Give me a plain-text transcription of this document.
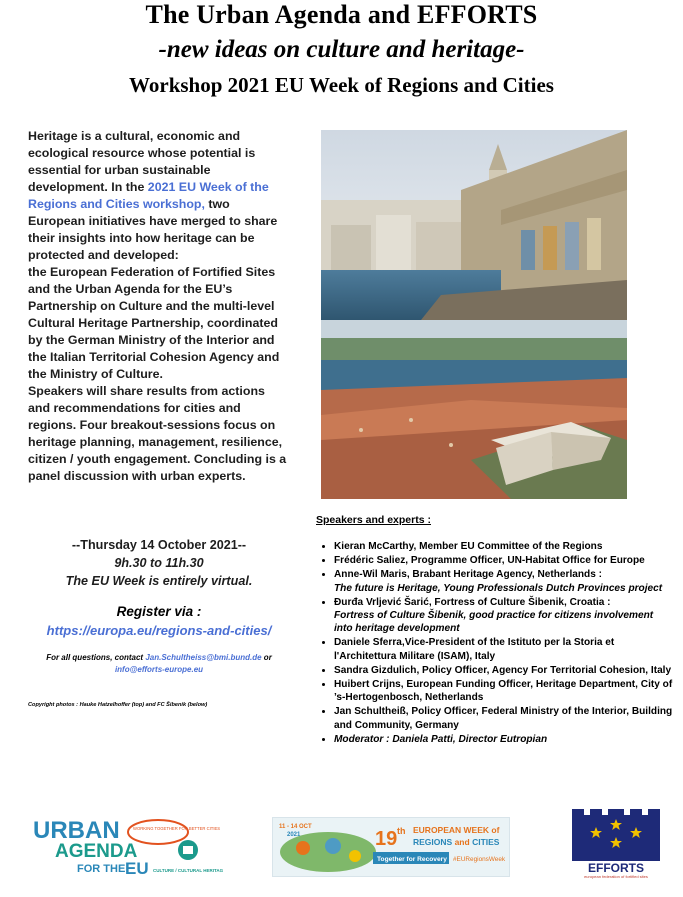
The Urban Agenda and EFFORTS
-new ideas on culture and heritage-
Workshop 2021 EU Week of Regions and Cities
Heritage is a cultural, economic and ecological resource whose potential is essential for urban sustainable development. In the 2021 EU Week of the Regions and Cities workshop, two European initiatives have merged to share their insights into how heritage can be protected and developed:
the European Federation of Fortified Sites and the Urban Agenda for the EU’s Partnership on Culture and the multi-level Cultural Heritage Partnership, coordinated by the German Ministry of the Interior and the Italian Territorial Cohesion Agency and the Ministry of Culture.
Speakers will share results from actions and recommendations for cities and regions. Four breakout-sessions focus on heritage planning, management, resilience, citizen / youth engagement. Concluding is a panel discussion with urban experts.
--Thursday 14 October 2021--
9h.30 to 11h.30
The EU Week is entirely virtual.
Register via :
https://europa.eu/regions-and-cities/
For all questions, contact Jan.Schultheiss@bmi.bund.de or
info@efforts-europe.eu
Copyright photos : Hauke Hatzelhoffer (top) and FC Šibenik (below)
Speakers and experts :
• Kieran McCarthy, Member EU Committee of the Regions
• Frédéric Saliez, Programme Officer, UN-Habitat Office for Europe
• Anne-Wil Maris, Brabant Heritage Agency, Netherlands :
The future is Heritage, Young Professionals Dutch Provinces project
• Đurđa Vrljević Šarić, Fortress of Culture Šibenik, Croatia :
Fortress of Culture Šibenik, good practice for citizens involvement into heritage development
• Daniele Sferra,Vice-President of the Istituto per la Storia et l'Architettura Militare (ISAM), Italy
• Sandra Gizdulich, Policy Officer, Agency For Territorial Cohesion, Italy
• Huibert Crijns, European Funding Officer, Heritage Department, City of ’s-Hertogenbosch, Netherlands
• Jan Schultheiß, Policy Officer, Federal Ministry of the Interior, Building and Community, Germany
• Moderator : Daniela Patti, Director Eutropian
URBAN
AGENDA
FOR THE EU
WORKING TOGETHER FOR BETTER CITIES
CULTURE / CULTURAL HERITAGE
11 - 14 OCT
2021	19 th EUROPEAN WEEK of
REGIONS and CITIES
Together for Recovery #EURegionsWeek
EFFORTS
european federation of fortified sites
